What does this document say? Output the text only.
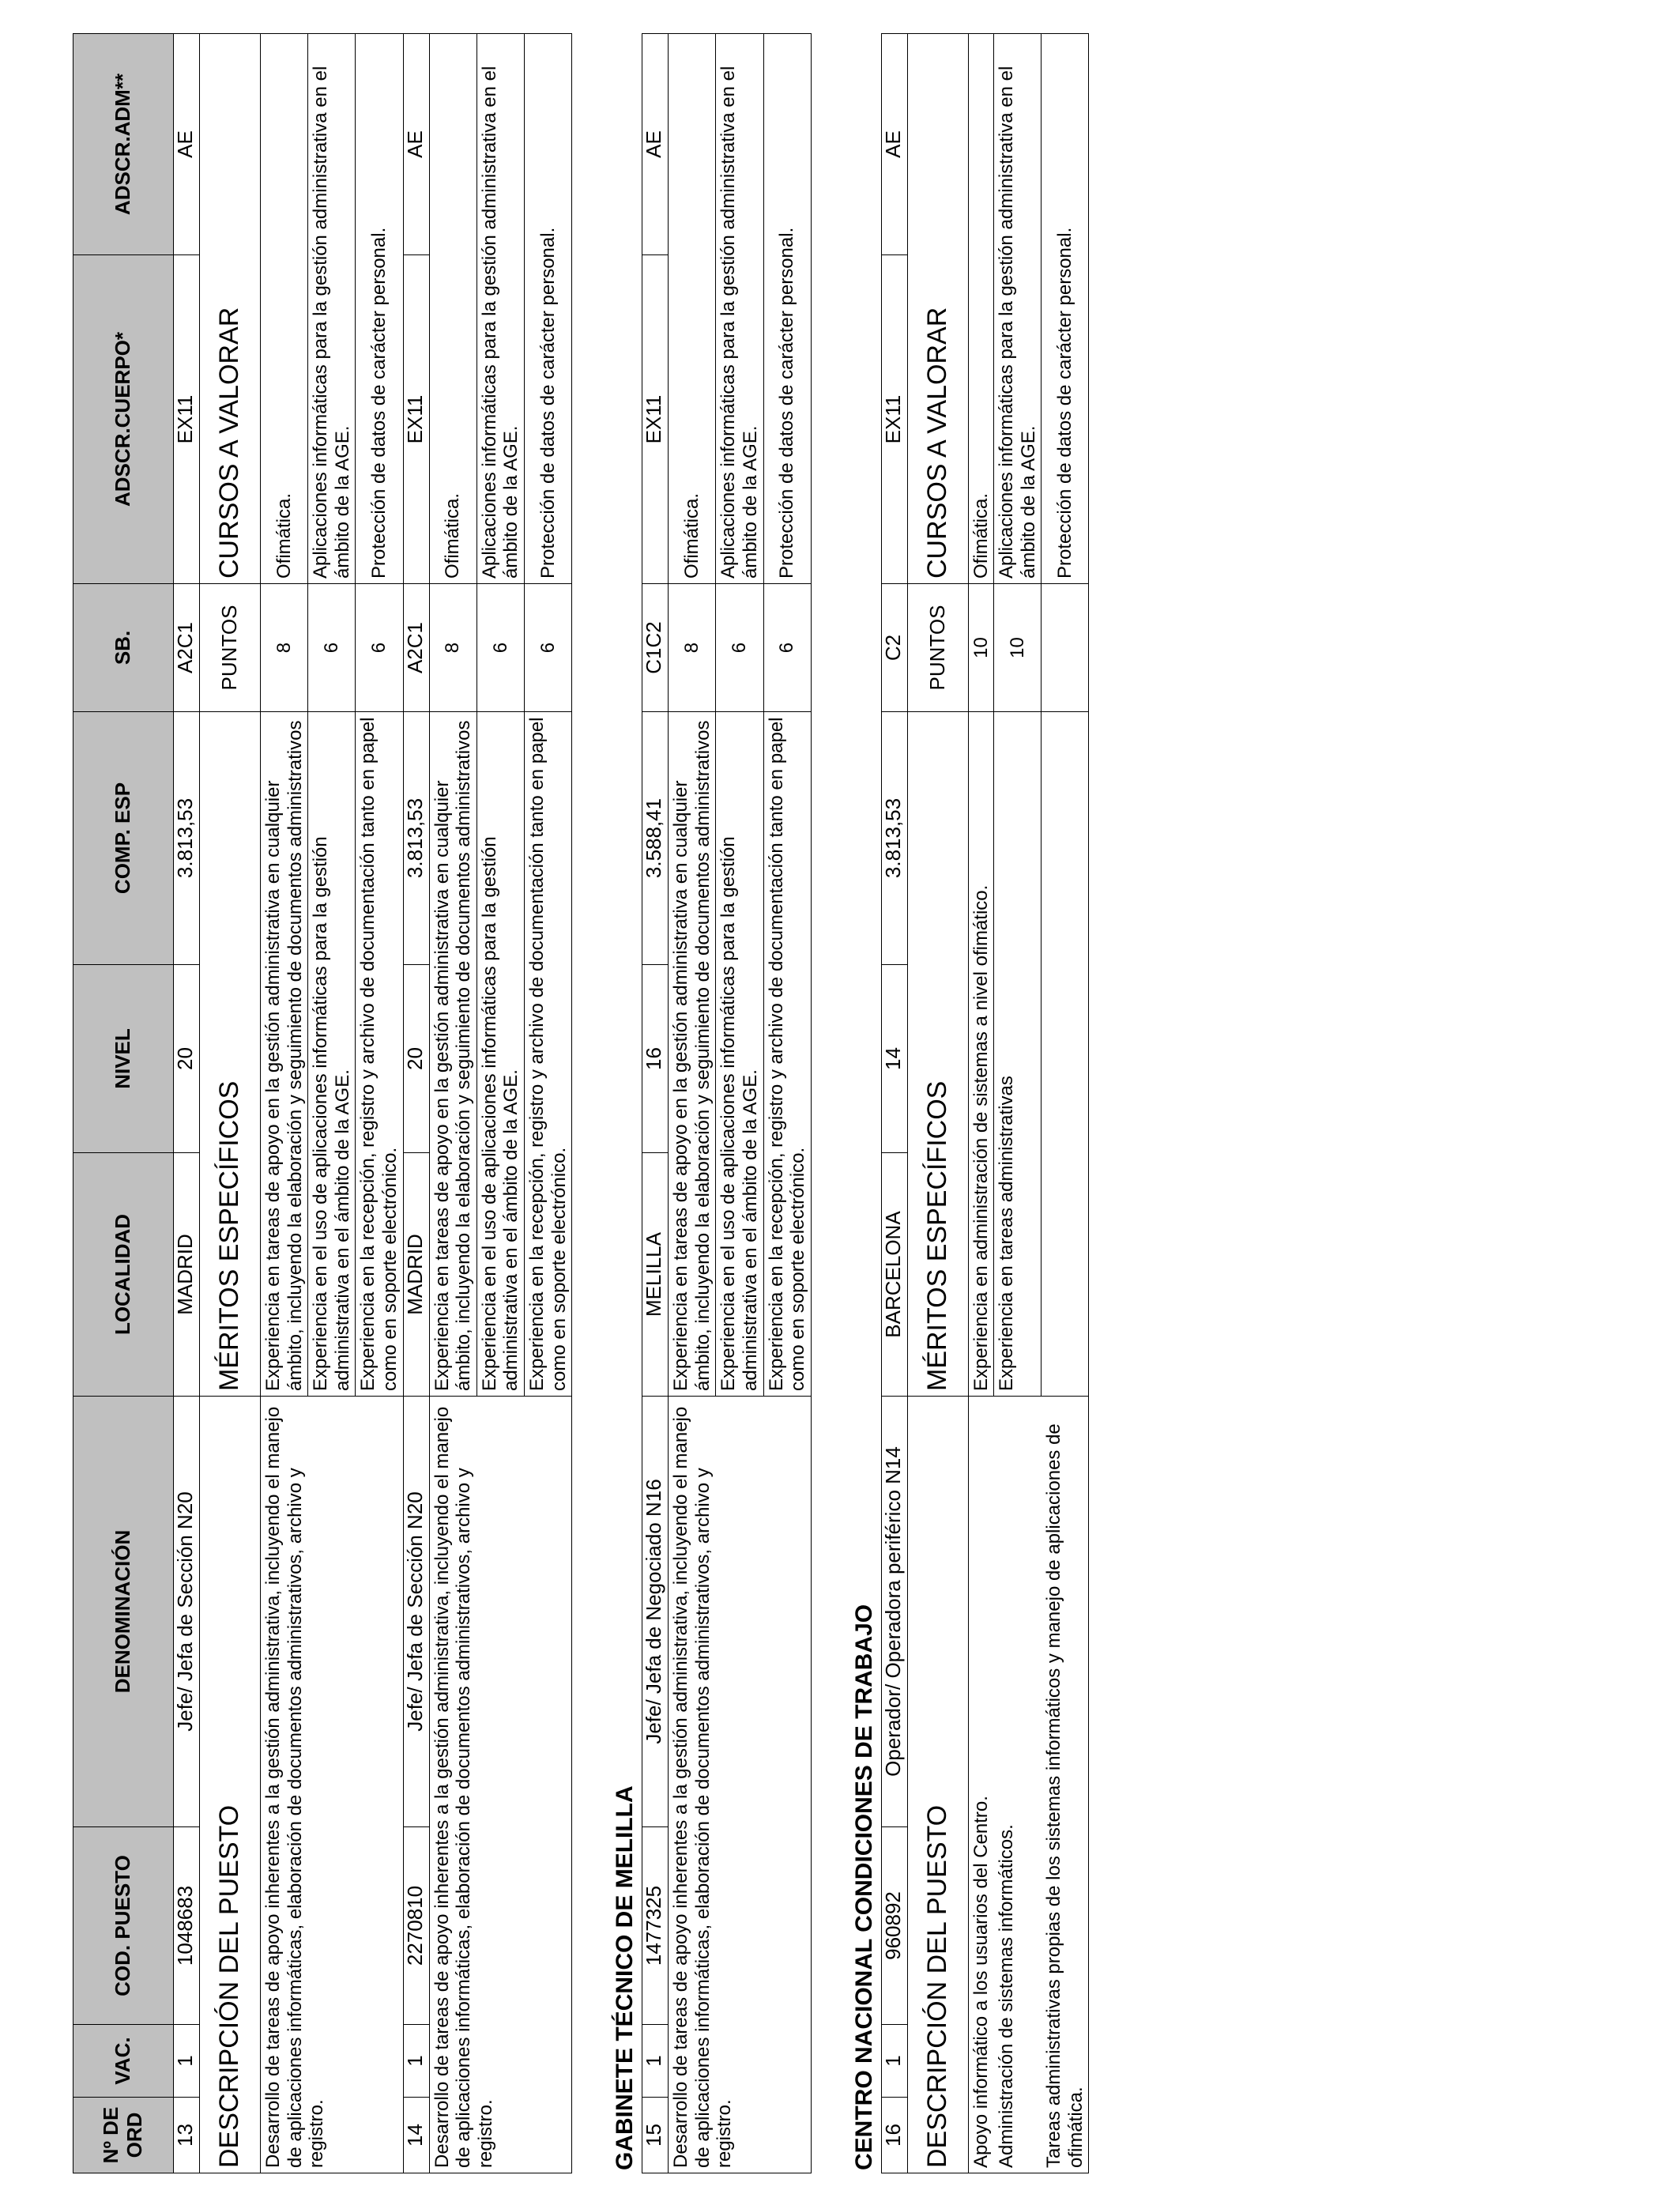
Nº DE ORD	VAC.	COD. PUESTO	DENOMINACIÓN	LOCALIDAD	NIVEL	COMP. ESP	SB.	ADSCR.CUERPO*	ADSCR.ADM**
13	1	1048683	Jefe/ Jefa de Sección N20	MADRID	20	3.813,53	A2C1	EX11	AE
DESCRIPCIÓN DEL PUESTO				MÉRITOS ESPECÍFICOS			PUNTOS	CURSOS A VALORAR	
Desarrollo de tareas de apoyo inherentes a la gestión administrativa, incluyendo el manejo de aplicaciones informáticas, elaboración de documentos administrativos, archivo y registro.				Experiencia en tareas de apoyo en la gestión administrativa en cualquier ámbito, incluyendo la elaboración y seguimiento de documentos administrativos			8	Ofimática.	
				Experiencia en el uso de aplicaciones informáticas para la gestión administrativa en el ámbito de la AGE.			6	Aplicaciones informáticas para la gestión administrativa en el ámbito de la AGE.	
				Experiencia en la recepción, registro y archivo de documentación tanto en papel como en soporte electrónico.			6	Protección de datos de carácter personal.	
14	1	2270810	Jefe/ Jefa de Sección N20	MADRID	20	3.813,53	A2C1	EX11	AE
Desarrollo de tareas de apoyo inherentes a la gestión administrativa, incluyendo el manejo de aplicaciones informáticas, elaboración de documentos administrativos, archivo y registro.				Experiencia en tareas de apoyo en la gestión administrativa en cualquier ámbito, incluyendo la elaboración y seguimiento de documentos administrativos			8	Ofimática.	
				Experiencia en el uso de aplicaciones informáticas para la gestión administrativa en el ámbito de la AGE.			6	Aplicaciones informáticas para la gestión administrativa en el ámbito de la AGE.	
				Experiencia en la recepción, registro y archivo de documentación tanto en papel como en soporte electrónico.			6	Protección de datos de carácter personal.	
GABINETE TÉCNICO DE MELILLA 15	1	1477325	Jefe/ Jefa de Negociado N16	MELILLA	16	3.588,41	C1C2	EX11	AE
Desarrollo de tareas de apoyo inherentes a la gestión administrativa, incluyendo el manejo de aplicaciones informáticas, elaboración de documentos administrativos, archivo y registro.				Experiencia en tareas de apoyo en la gestión administrativa en cualquier ámbito, incluyendo la elaboración y seguimiento de documentos administrativos			8	Ofimática.	
				Experiencia en el uso de aplicaciones informáticas para la gestión administrativa en el ámbito de la AGE.			6	Aplicaciones informáticas para la gestión administrativa en el ámbito de la AGE.	
				Experiencia en la recepción, registro y archivo de documentación tanto en papel como en soporte electrónico.			6	Protección de datos de carácter personal.	
CENTRO NACIONAL CONDICIONES DE TRABAJO 16	1	960892	Operador/ Operadora periférico N14	BARCELONA	14	3.813,53	C2	EX11	AE
DESCRIPCIÓN DEL PUESTO				MÉRITOS ESPECÍFICOS			PUNTOS	CURSOS A VALORAR	
Apoyo informático a los usuarios del Centro.				Experiencia en administración de sistemas a nivel ofimático.			10	Ofimática.	
Administración de sistemas informáticos.				Experiencia en tareas administrativas			10	Aplicaciones informáticas para la gestión administrativa en el ámbito de la AGE.	
Tareas administrativas propias de los sistemas informáticos y manejo de aplicaciones de ofimática.								Protección de datos de carácter personal.	
